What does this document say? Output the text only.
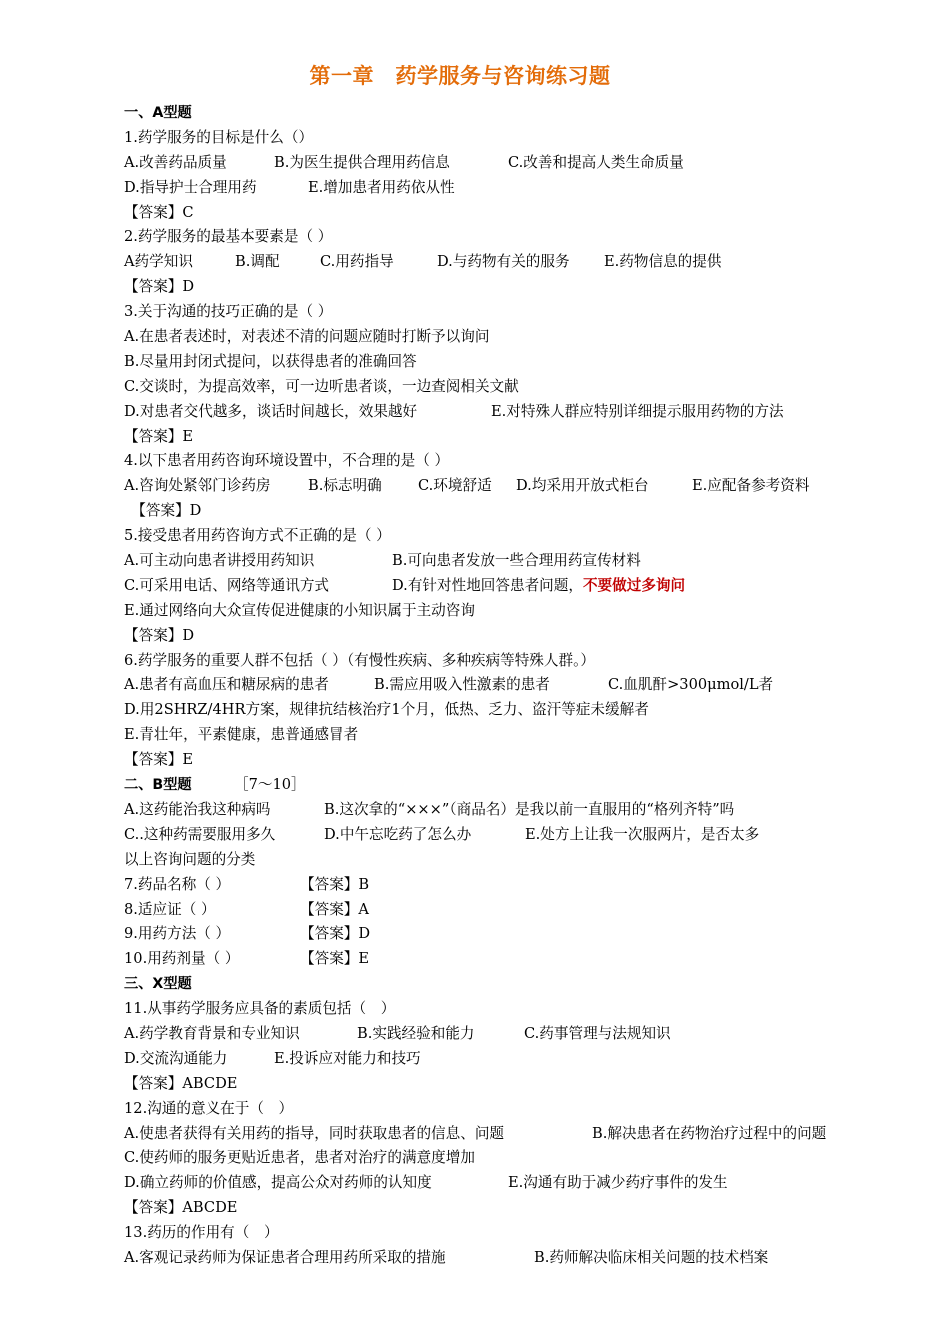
第一章　药学服务与咨询练习题
一、A型题
1.药学服务的目标是什么（）
A.改善药品质量	B.为医生提供合理用药信息	C.改善和提高人类生命质量
D.指导护士合理用药	E.增加患者用药依从性
【答案】C
2.药学服务的最基本要素是（ ）
A药学知识	B.调配	C.用药指导	D.与药物有关的服务 E.药物信息的提供
【答案】D
3.关于沟通的技巧正确的是（ ）
A.在患者表述时，对表述不清的问题应随时打断予以询问
B.尽量用封闭式提问，以获得患者的准确回答
C.交谈时，为提高效率，可一边听患者谈，一边查阅相关文献
D.对患者交代越多，谈话时间越长，效果越好	E.对特殊人群应特别详细提示服用药物的方法
【答案】E
4.以下患者用药咨询环境设置中，不合理的是（ ）
A.咨询处紧邻门诊药房	B.标志明确 C.环境舒适 D.均采用开放式柜台	E.应配备参考资料
　【答案】D
5.接受患者用药咨询方式不正确的是（ ）
A.可主动向患者讲授用药知识	B.可向患者发放一些合理用药宣传材料
C.可采用电话、网络等通讯方式	D.有针对性地回答患者问题，不要做过多询问
E.通过网络向大众宣传促进健康的小知识属于主动咨询
【答案】D
6.药学服务的重要人群不包括（ ）（有慢性疾病、多种疾病等特殊人群。）
A.患者有高血压和糖尿病的患者	B.需应用吸入性激素的患者	C.血肌酐>300μmol/L者
D.用2SHRZ/4HR方案，规律抗结核治疗1个月，低热、乏力、盗汗等症未缓解者
E.青壮年，平素健康，患普通感冒者
【答案】E
二、B型题	［7～10］
A.这药能治我这种病吗	B.这次拿的“×××”（商品名）是我以前一直服用的“格列齐特”吗
C..这种药需要服用多久	D.中午忘吃药了怎么办	E.处方上让我一次服两片，是否太多
以上咨询问题的分类
7.药品名称（ ）	【答案】B
8.适应证（ ）	【答案】A
9.用药方法（ ）	【答案】D
10.用药剂量（ ）	【答案】E
三、X型题
11.从事药学服务应具备的素质包括（　）
A.药学教育背景和专业知识	B.实践经验和能力	C.药事管理与法规知识
D.交流沟通能力	E.投诉应对能力和技巧
【答案】ABCDE
12.沟通的意义在于（　）
A.使患者获得有关用药的指导，同时获取患者的信息、问题	B.解决患者在药物治疗过程中的问题
C.使药师的服务更贴近患者，患者对治疗的满意度增加
D.确立药师的价值感，提高公众对药师的认知度	E.沟通有助于减少药疗事件的发生
【答案】ABCDE
13.药历的作用有（　）
A.客观记录药师为保证患者合理用药所采取的措施	B.药师解决临床相关问题的技术档案
